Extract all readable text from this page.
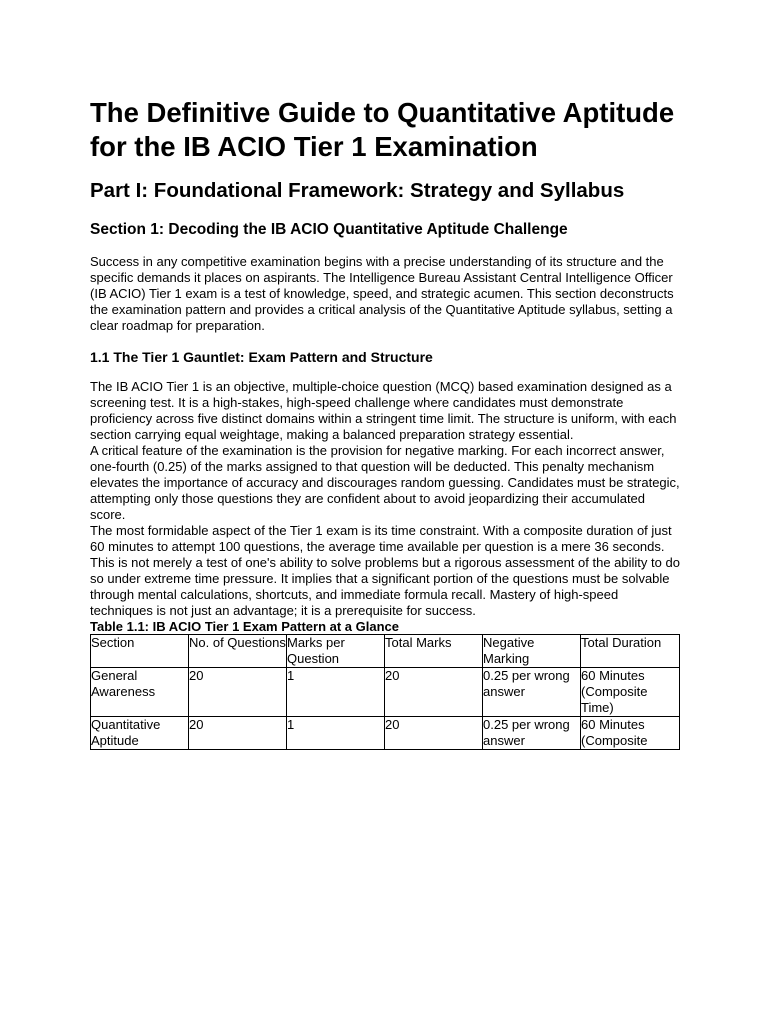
The Definitive Guide to Quantitative Aptitude for the IB ACIO Tier 1 Examination
Part I: Foundational Framework: Strategy and Syllabus
Section 1: Decoding the IB ACIO Quantitative Aptitude Challenge

Success in any competitive examination begins with a precise understanding of its structure and the specific demands it places on aspirants. The Intelligence Bureau Assistant Central Intelligence Officer (IB ACIO) Tier 1 exam is a test of knowledge, speed, and strategic acumen. This section deconstructs the examination pattern and provides a critical analysis of the Quantitative Aptitude syllabus, setting a clear roadmap for preparation.

1.1 The Tier 1 Gauntlet: Exam Pattern and Structure

The IB ACIO Tier 1 is an objective, multiple-choice question (MCQ) based examination designed as a screening test. It is a high-stakes, high-speed challenge where candidates must demonstrate proficiency across five distinct domains within a stringent time limit. The structure is uniform, with each section carrying equal weightage, making a balanced preparation strategy essential.

A critical feature of the examination is the provision for negative marking. For each incorrect answer, one-fourth (0.25) of the marks assigned to that question will be deducted. This penalty mechanism elevates the importance of accuracy and discourages random guessing. Candidates must be strategic, attempting only those questions they are confident about to avoid jeopardizing their accumulated score.

The most formidable aspect of the Tier 1 exam is its time constraint. With a composite duration of just 60 minutes to attempt 100 questions, the average time available per question is a mere 36 seconds. This is not merely a test of one's ability to solve problems but a rigorous assessment of the ability to do so under extreme time pressure. It implies that a significant portion of the questions must be solvable through mental calculations, shortcuts, and immediate formula recall. Mastery of high-speed techniques is not just an advantage; it is a prerequisite for success.

Table 1.1: IB ACIO Tier 1 Exam Pattern at a Glance
Section	No. of Questions	Marks per Question	Total Marks	Negative Marking	Total Duration
General Awareness	20	1	20	0.25 per wrong answer	60 Minutes (Composite Time)
Quantitative Aptitude	20	1	20	0.25 per wrong answer	60 Minutes (Composite
